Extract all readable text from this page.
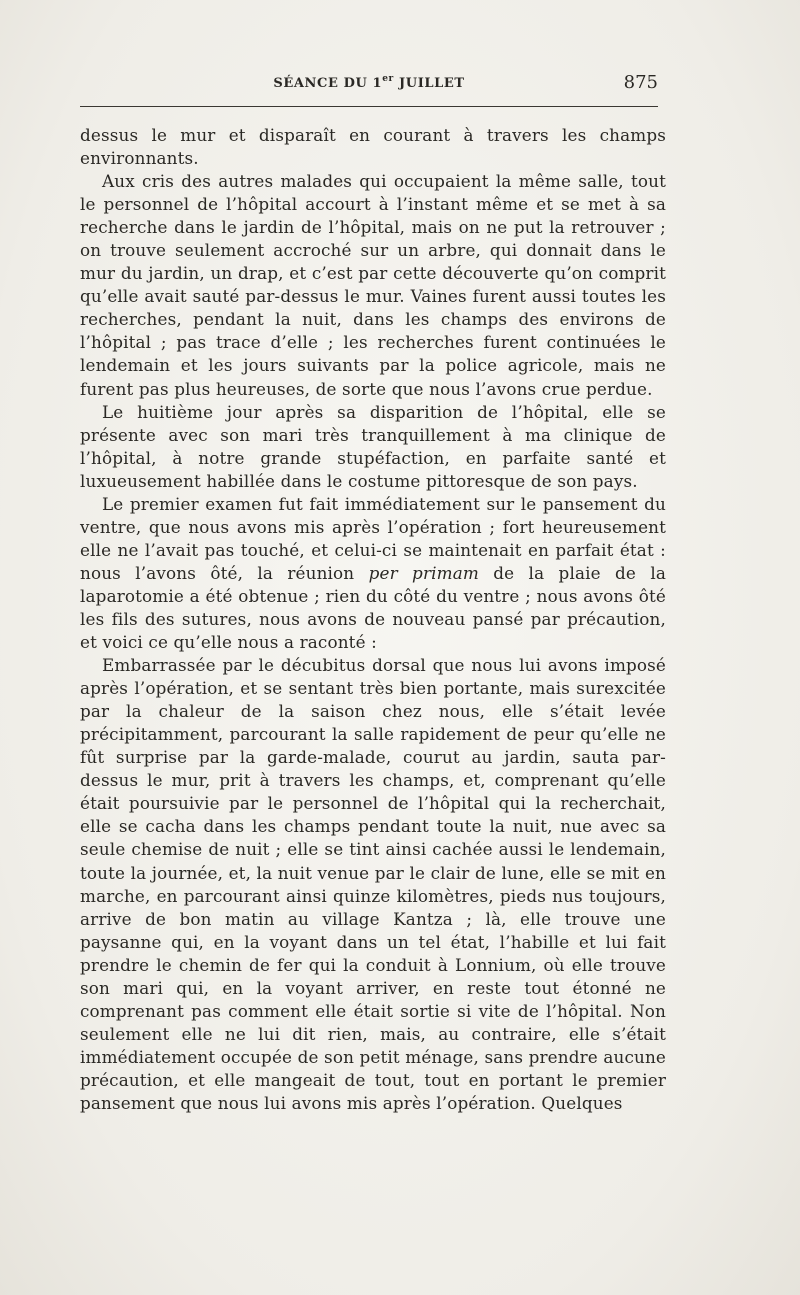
SÉANCE DU 1er JUILLET	875

dessus le mur et disparaît en courant à travers les champs environnants.

Aux cris des autres malades qui occupaient la même salle, tout le personnel de l’hôpital accourt à l’instant même et se met à sa recherche dans le jardin de l’hôpital, mais on ne put la retrouver ; on trouve seulement accroché sur un arbre, qui donnait dans le mur du jardin, un drap, et c’est par cette découverte qu’on comprit qu’elle avait sauté par-dessus le mur. Vaines furent aussi toutes les recherches, pendant la nuit, dans les champs des environs de l’hôpital ; pas trace d’elle ; les recherches furent continuées le lendemain et les jours suivants par la police agricole, mais ne furent pas plus heureuses, de sorte que nous l’avons crue perdue.

Le huitième jour après sa disparition de l’hôpital, elle se présente avec son mari très tranquillement à ma clinique de l’hôpital, à notre grande stupéfaction, en parfaite santé et luxueusement habillée dans le costume pittoresque de son pays.

Le premier examen fut fait immédiatement sur le pansement du ventre, que nous avons mis après l’opération ; fort heureusement elle ne l’avait pas touché, et celui-ci se maintenait en parfait état : nous l’avons ôté, la réunion per primam de la plaie de la laparotomie a été obtenue ; rien du côté du ventre ; nous avons ôté les fils des sutures, nous avons de nouveau pansé par précaution, et voici ce qu’elle nous a raconté :

Embarrassée par le décubitus dorsal que nous lui avons imposé après l’opération, et se sentant très bien portante, mais surexcitée par la chaleur de la saison chez nous, elle s’était levée précipitamment, parcourant la salle rapidement de peur qu’elle ne fût surprise par la garde-malade, courut au jardin, sauta par-dessus le mur, prit à travers les champs, et, comprenant qu’elle était poursuivie par le personnel de l’hôpital qui la recherchait, elle se cacha dans les champs pendant toute la nuit, nue avec sa seule chemise de nuit ; elle se tint ainsi cachée aussi le lendemain, toute la journée, et, la nuit venue par le clair de lune, elle se mit en marche, en parcourant ainsi quinze kilomètres, pieds nus toujours, arrive de bon matin au village Kantza ; là, elle trouve une paysanne qui, en la voyant dans un tel état, l’habille et lui fait prendre le chemin de fer qui la conduit à Lonnium, où elle trouve son mari qui, en la voyant arriver, en reste tout étonné ne comprenant pas comment elle était sortie si vite de l’hôpital. Non seulement elle ne lui dit rien, mais, au contraire, elle s’était immédiatement occupée de son petit ménage, sans prendre aucune précaution, et elle mangeait de tout, tout en portant le premier pansement que nous lui avons mis après l’opération. Quelques
